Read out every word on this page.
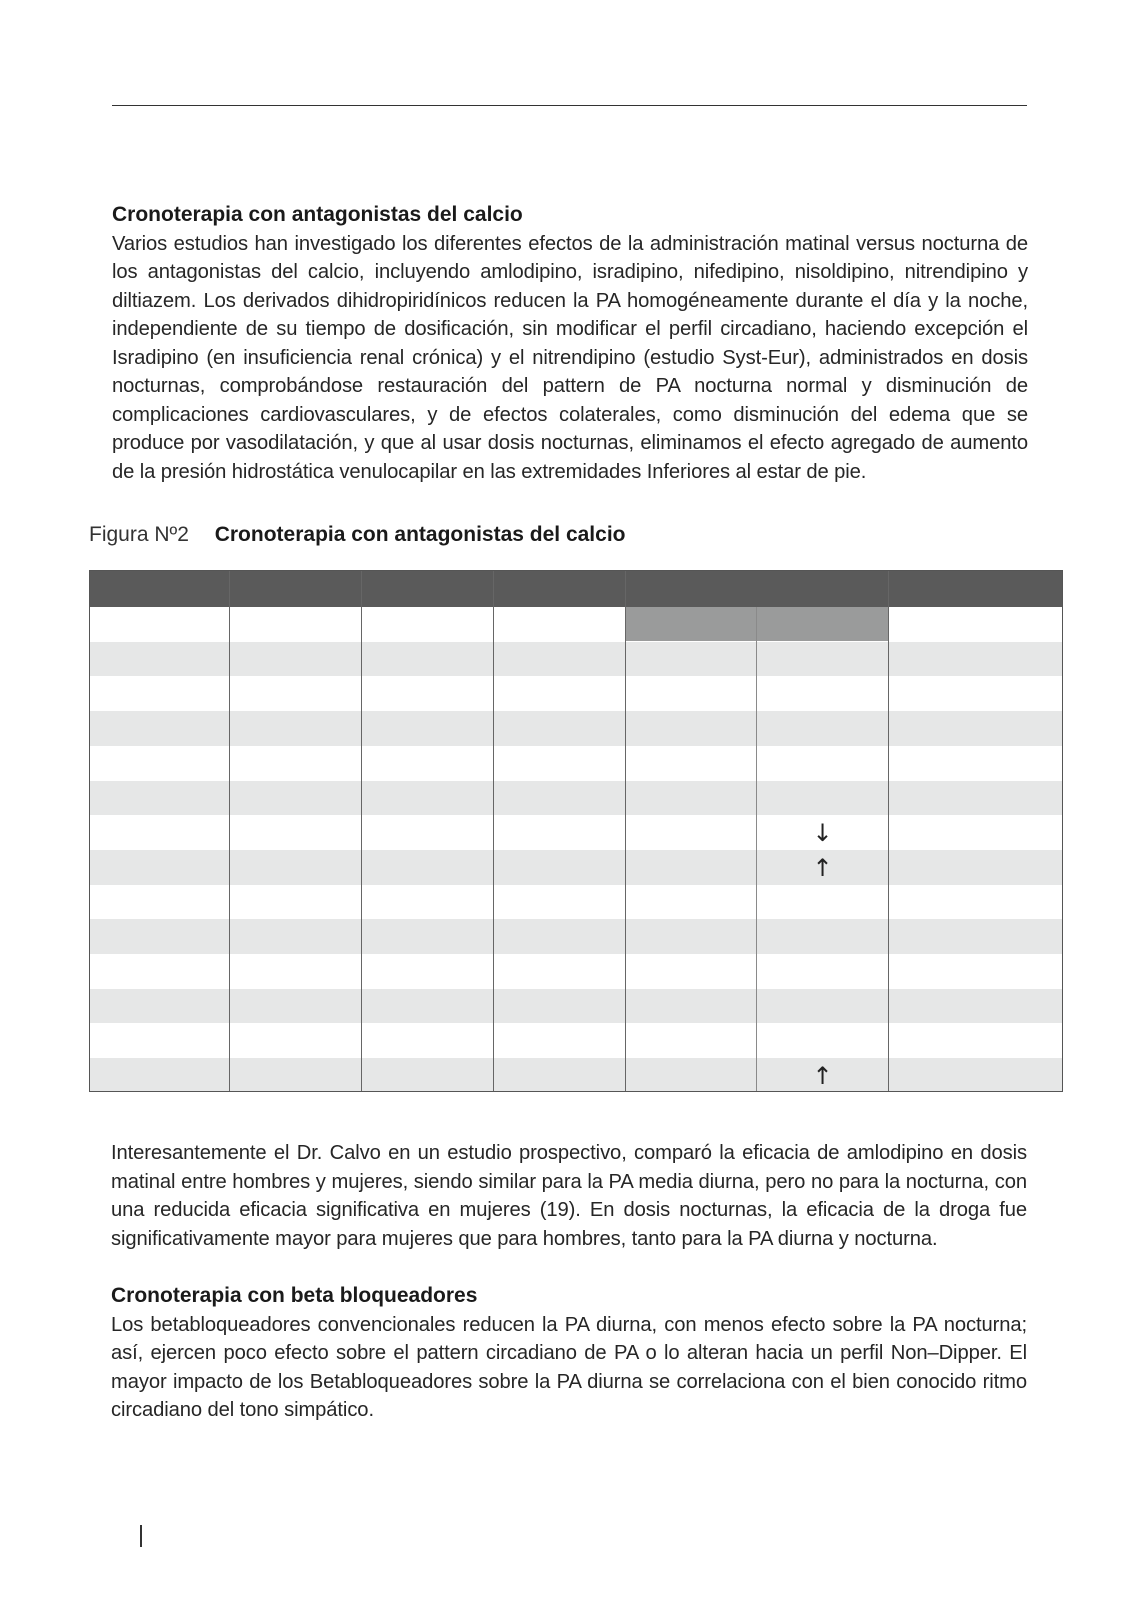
Cronoterapia con antagonistas del calcio

Varios estudios han investigado los diferentes efectos de la administración matinal versus nocturna de los antagonistas del calcio, incluyendo amlodipino, isradipino, nifedipino, nisoldipino, nitrendipino y diltiazem. Los derivados dihidropiridínicos reducen la PA homogéneamente durante el día y la noche, independiente de su tiempo de dosificación, sin modificar el perfil circadiano, haciendo excepción el Isradipino (en insuficiencia renal crónica) y el nitrendipino (estudio Syst-Eur), administrados en dosis nocturnas, comprobándose restauración del pattern de PA nocturna normal y disminución de complicaciones cardiovasculares, y de efectos colaterales, como disminución del edema que se produce por vasodilatación, y que al usar dosis nocturnas, eliminamos el efecto agregado de aumento de la presión hidrostática venulocapilar en las extremidades Inferiores al estar de pie.

Figura Nº2 Cronoterapia con antagonistas del calcio
↓
↑
↑

Interesantemente el Dr. Calvo en un estudio prospectivo, comparó la eficacia de amlodipino en dosis matinal entre hombres y mujeres, siendo similar para la PA media diurna, pero no para la nocturna, con una reducida eficacia significativa en mujeres (19). En dosis nocturnas, la eficacia de la droga fue significativamente mayor para mujeres que para hombres, tanto para la PA diurna y nocturna.

Cronoterapia con beta bloqueadores

Los betabloqueadores convencionales reducen la PA diurna, con menos efecto sobre la PA nocturna; así, ejercen poco efecto sobre el pattern circadiano de PA o lo alteran hacia un perfil Non–Dipper. El mayor impacto de los Betabloqueadores sobre la PA diurna se correlaciona con el bien conocido ritmo circadiano del tono simpático.
